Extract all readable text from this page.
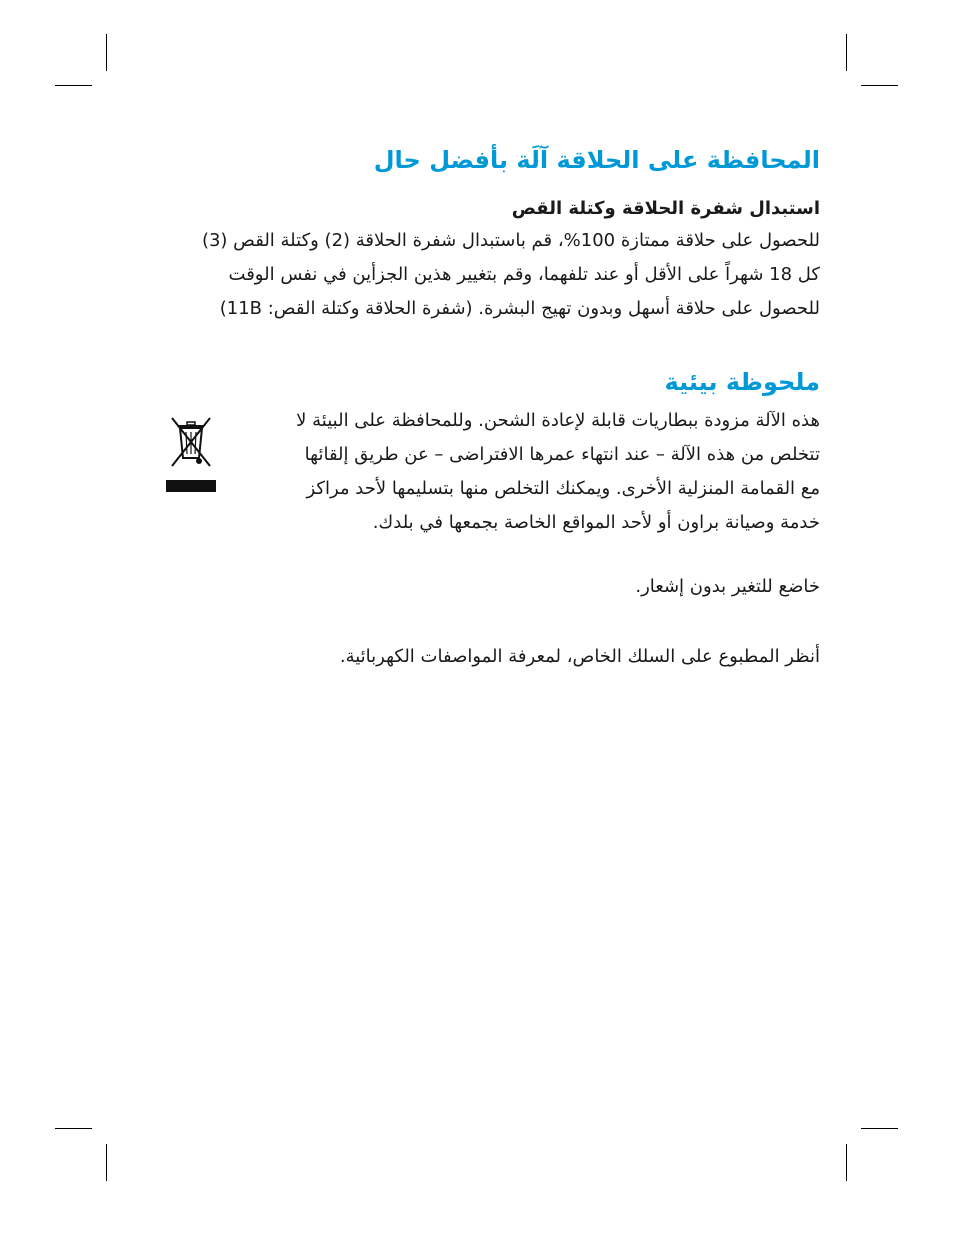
المحافظة على الحلاقة آلَة بأفضل حال
استبدال شفرة الحلاقة وكتلة القص

للحصول على حلاقة ممتازة 100%، قم باستبدال شفرة الحلاقة (2) وكتلة القص (3)
كل 18 شهراً على الأقل أو عند تلفهما، وقم بتغيير هذين الجزأين في نفس الوقت
للحصول على حلاقة أسهل وبدون تهيج البشرة. (شفرة الحلاقة وكتلة القص: 11B)

ملحوظة بيئية

هذه الآلة مزودة ببطاريات قابلة لإعادة الشحن. وللمحافظة على البيئة لا
تتخلص من هذه الآلة – عند انتهاء عمرها الافتراضى – عن طريق إلقائها
مع القمامة المنزلية الأخرى. ويمكنك التخلص منها بتسليمها لأحد مراكز
خدمة وصيانة براون أو لأحد المواقع الخاصة بجمعها في بلدك.

خاضع للتغير بدون إشعار.

أنظر المطبوع على السلك الخاص، لمعرفة المواصفات الكهربائية.
